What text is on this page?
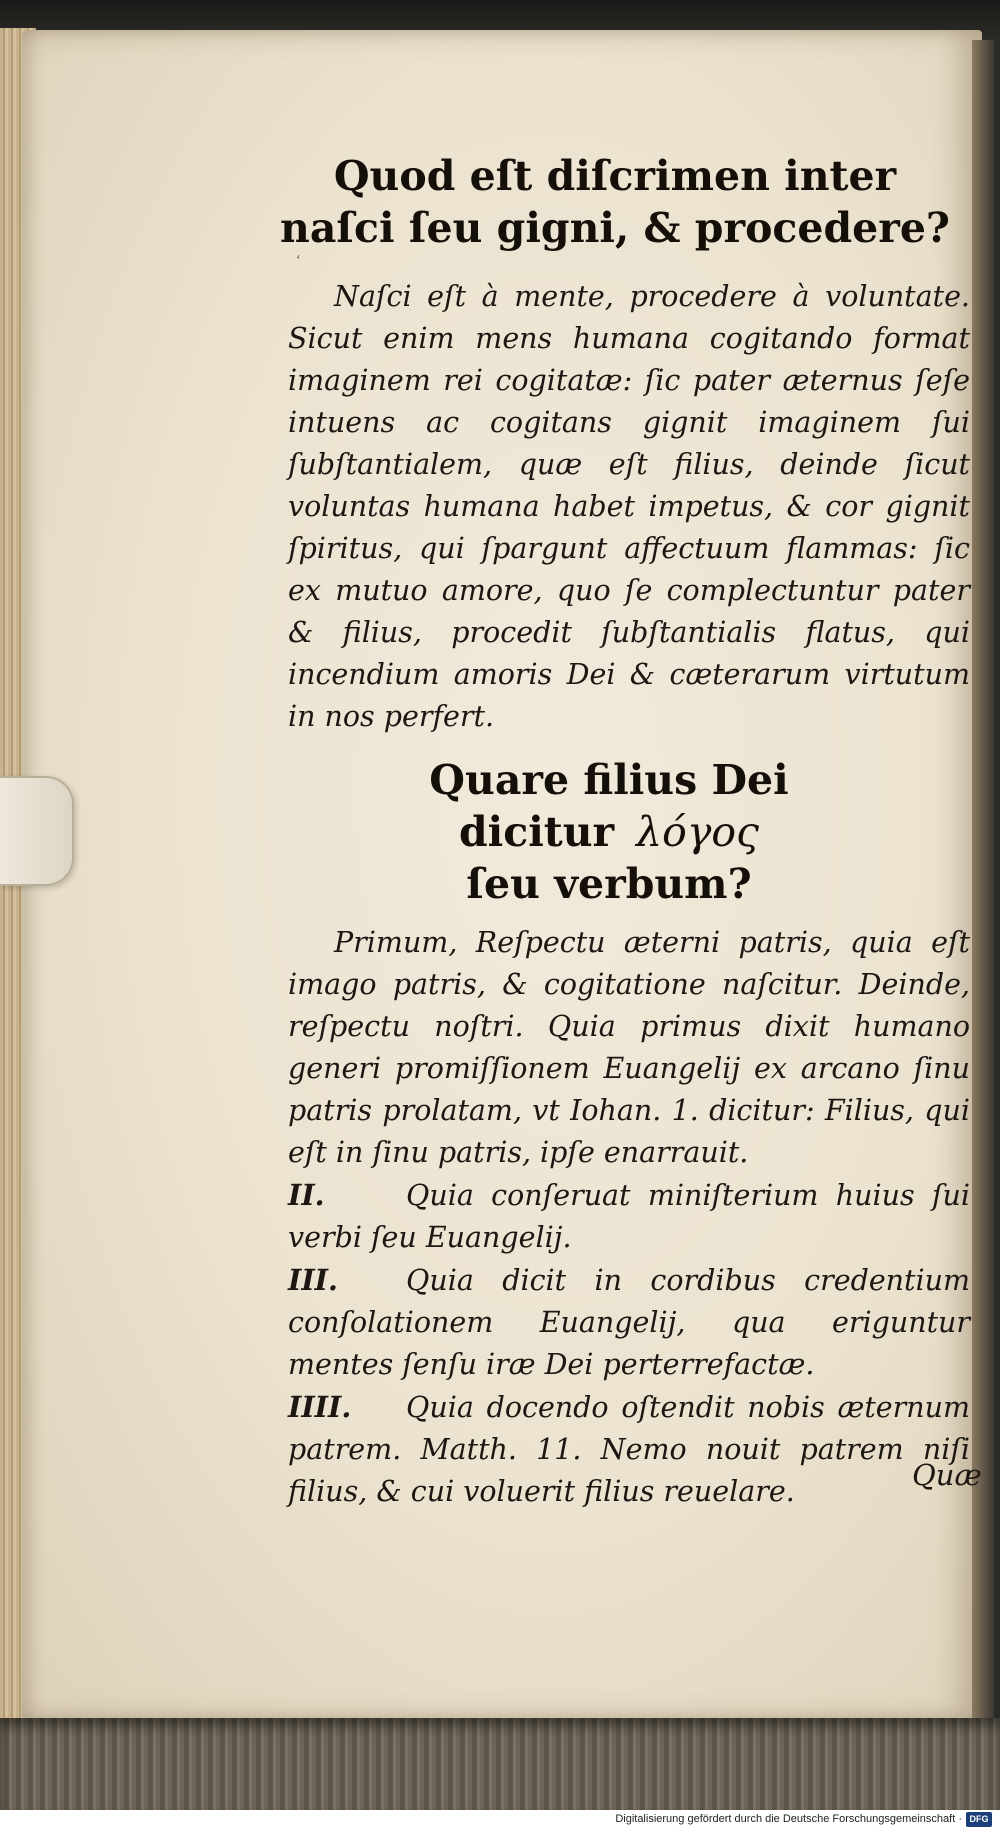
ʻ
Quod eſt diſcrimen inter naſci ſeu gigni, & procedere?

Naſci eſt à mente, procedere à voluntate. Sicut enim mens humana cogitando format imaginem rei cogitatæ: ſic pater æternus ſeſe intuens ac cogitans gignit imaginem ſui ſubſtantialem, quæ eſt filius, deinde ſicut voluntas humana habet impetus, & cor gignit ſpiritus, qui ſpargunt affectuum flammas: ſic ex mutuo amore, quo ſe complectuntur pater & filius, procedit ſubſtantialis flatus, qui incendium amoris Dei & cæterarum virtutum in nos perfert.

Quare filius Dei dicitur λόγος
ſeu verbum?

Primum, Reſpectu æterni patris, quia eſt imago patris, & cogitatione naſcitur. Deinde, reſpectu noſtri. Quia primus dixit humano generi promiſſionem Euangelij ex arcano ſinu patris prolatam, vt Iohan. 1. dicitur: Filius, qui eſt in ſinu patris, ipſe enarrauit.

II.	Quia conſeruat miniſterium huius ſui verbi ſeu Euangelij.
III. Quia dicit in cordibus credentium conſolationem Euangelij, qua eriguntur mentes ſenſu iræ Dei perterrefactæ.
IIII. Quia docendo oſtendit nobis æternum patrem. Matth. 11. Nemo nouit patrem niſi filius, & cui voluerit filius reuelare.	Quæ
Digitalisierung gefördert durch die Deutsche Forschungsgemeinschaft · DFG
